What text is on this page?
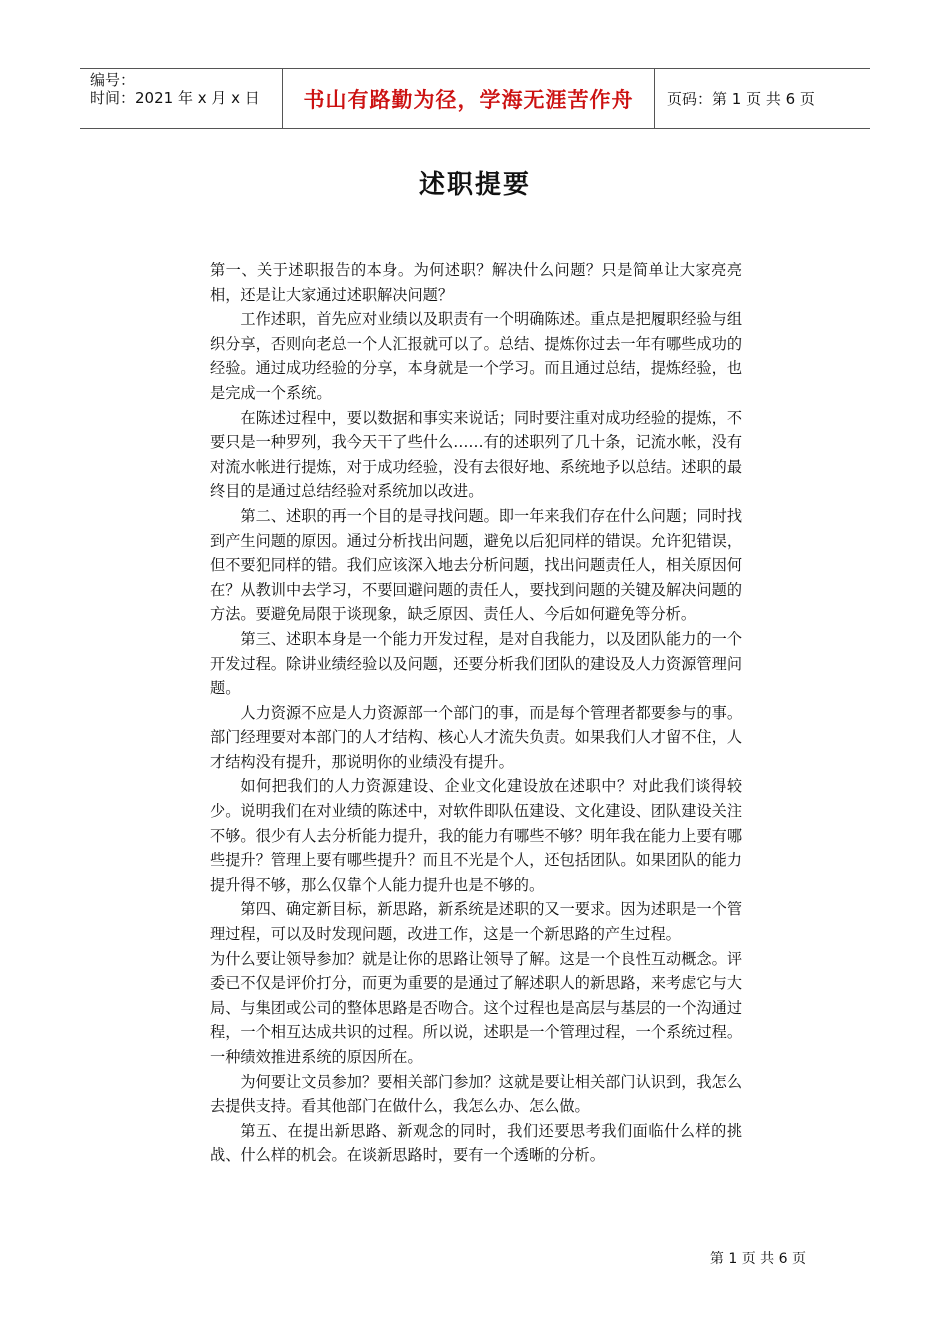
编号：
时间：2021 年 x 月 x 日	书山有路勤为径，学海无涯苦作舟 页码：第 1 页 共 6 页
述职提要

第一、关于述职报告的本身。为何述职？解决什么问题？只是简单让大家亮亮相，还是让大家通过述职解决问题？

工作述职，首先应对业绩以及职责有一个明确陈述。重点是把履职经验与组织分享，否则向老总一个人汇报就可以了。总结、提炼你过去一年有哪些成功的经验。通过成功经验的分享，本身就是一个学习。而且通过总结，提炼经验，也是完成一个系统。

在陈述过程中，要以数据和事实来说话；同时要注重对成功经验的提炼，不要只是一种罗列，我今天干了些什么……有的述职列了几十条，记流水帐，没有对流水帐进行提炼，对于成功经验，没有去很好地、系统地予以总结。述职的最终目的是通过总结经验对系统加以改进。

第二、述职的再一个目的是寻找问题。即一年来我们存在什么问题；同时找到产生问题的原因。通过分析找出问题，避免以后犯同样的错误。允许犯错误，但不要犯同样的错。我们应该深入地去分析问题，找出问题责任人，相关原因何在？从教训中去学习，不要回避问题的责任人，要找到问题的关键及解决问题的方法。要避免局限于谈现象，缺乏原因、责任人、今后如何避免等分析。

第三、述职本身是一个能力开发过程，是对自我能力，以及团队能力的一个开发过程。除讲业绩经验以及问题，还要分析我们团队的建设及人力资源管理问题。

人力资源不应是人力资源部一个部门的事，而是每个管理者都要参与的事。部门经理要对本部门的人才结构、核心人才流失负责。如果我们人才留不住，人才结构没有提升，那说明你的业绩没有提升。

如何把我们的人力资源建设、企业文化建设放在述职中？对此我们谈得较少。说明我们在对业绩的陈述中，对软件即队伍建设、文化建设、团队建设关注不够。很少有人去分析能力提升，我的能力有哪些不够？明年我在能力上要有哪些提升？管理上要有哪些提升？而且不光是个人，还包括团队。如果团队的能力提升得不够，那么仅靠个人能力提升也是不够的。

第四、确定新目标，新思路，新系统是述职的又一要求。因为述职是一个管理过程，可以及时发现问题，改进工作，这是一个新思路的产生过程。

为什么要让领导参加？就是让你的思路让领导了解。这是一个良性互动概念。评委已不仅是评价打分，而更为重要的是通过了解述职人的新思路，来考虑它与大局、与集团或公司的整体思路是否吻合。这个过程也是高层与基层的一个沟通过程，一个相互达成共识的过程。所以说，述职是一个管理过程，一个系统过程。一种绩效推进系统的原因所在。

为何要让文员参加？要相关部门参加？这就是要让相关部门认识到，我怎么去提供支持。看其他部门在做什么，我怎么办、怎么做。

第五、在提出新思路、新观念的同时，我们还要思考我们面临什么样的挑战、什么样的机会。在谈新思路时，要有一个透晰的分析。

第 1 页 共 6 页
